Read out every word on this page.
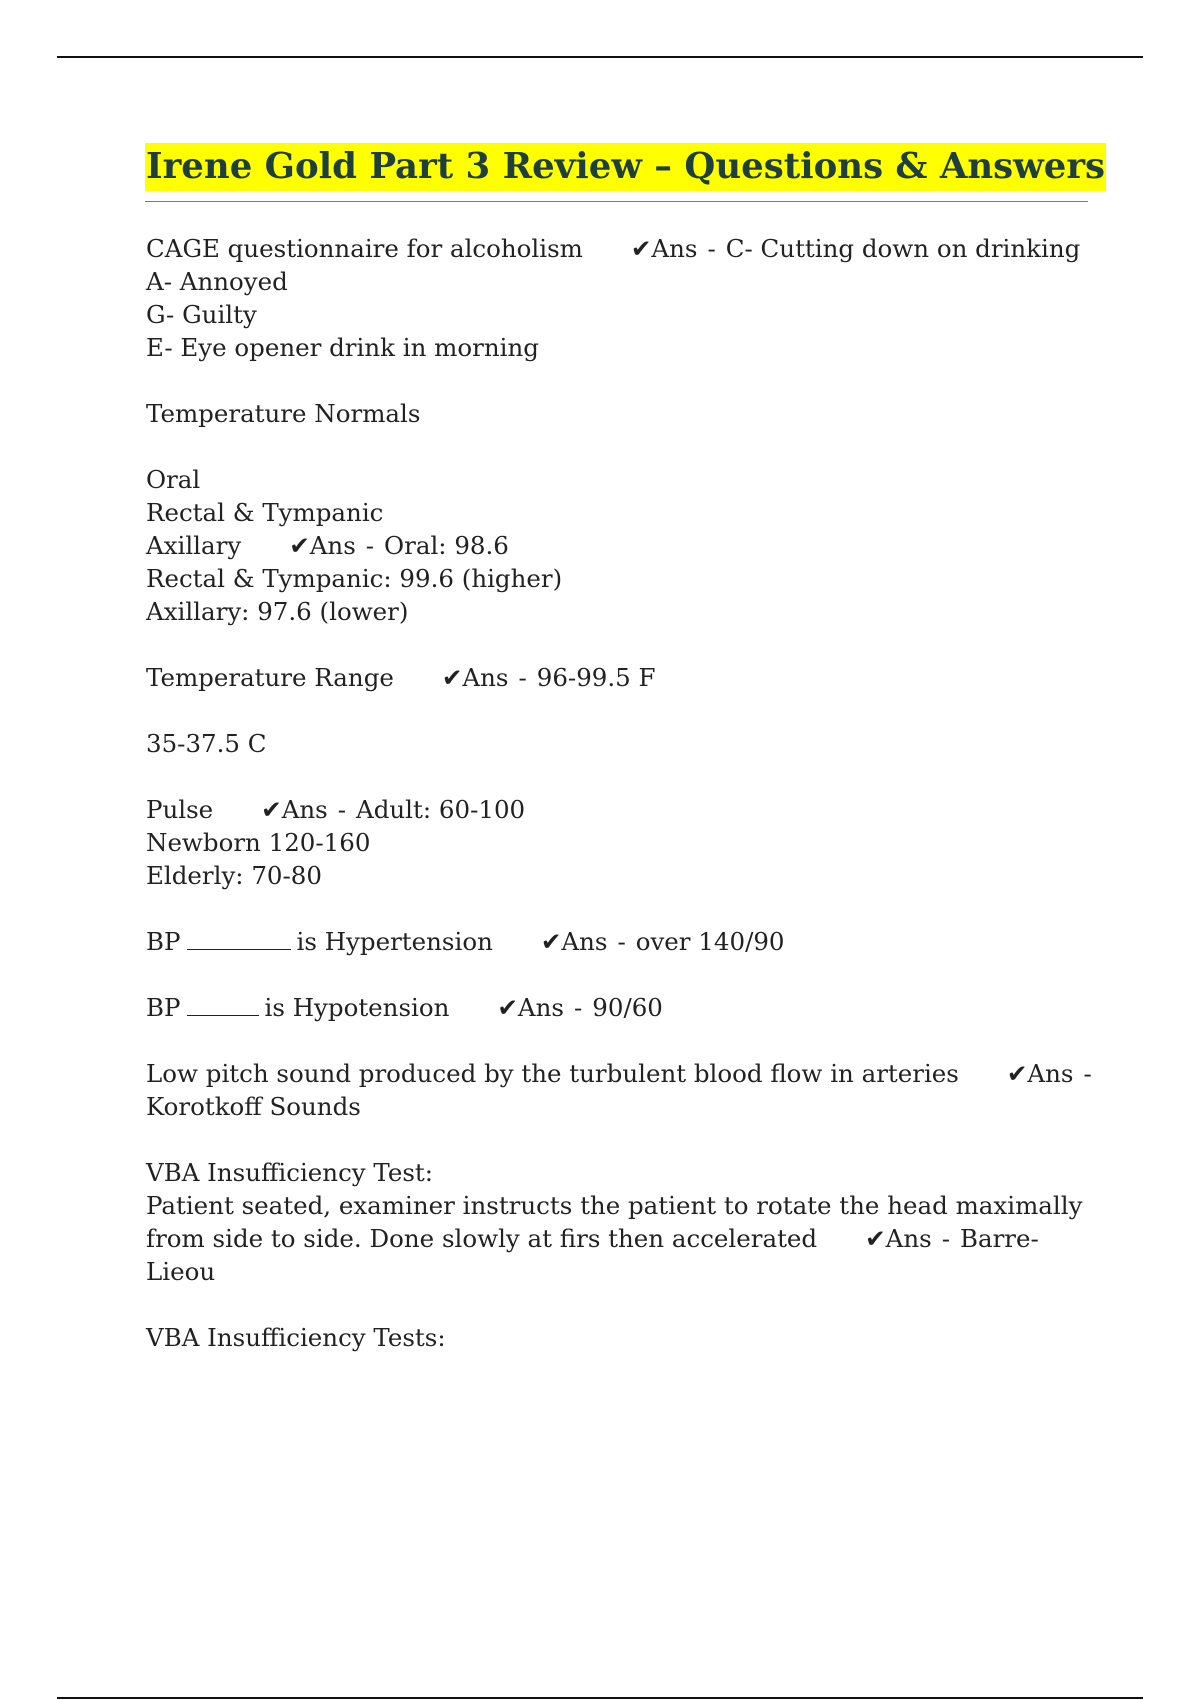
Irene Gold Part 3 Review – Questions & Answers
CAGE questionnaire for alcoholism ✔Ans - C- Cutting down on drinking
A- Annoyed
G- Guilty
E- Eye opener drink in morning
Temperature Normals
Oral
Rectal & Tympanic
Axillary ✔Ans - Oral: 98.6
Rectal & Tympanic: 99.6 (higher)
Axillary: 97.6 (lower)
Temperature Range ✔Ans - 96-99.5 F
35-37.5 C
Pulse ✔Ans - Adult: 60-100
Newborn 120-160
Elderly: 70-80
BP	is Hypertension ✔Ans - over 140/90
BP	is Hypotension ✔Ans - 90/60
Low pitch sound produced by the turbulent blood flow in arteries ✔Ans -
Korotkoff Sounds
VBA Insufficiency Test:
Patient seated, examiner instructs the patient to rotate the head maximally
from side to side. Done slowly at firs then accelerated ✔Ans - Barre-
Lieou
VBA Insufficiency Tests:
